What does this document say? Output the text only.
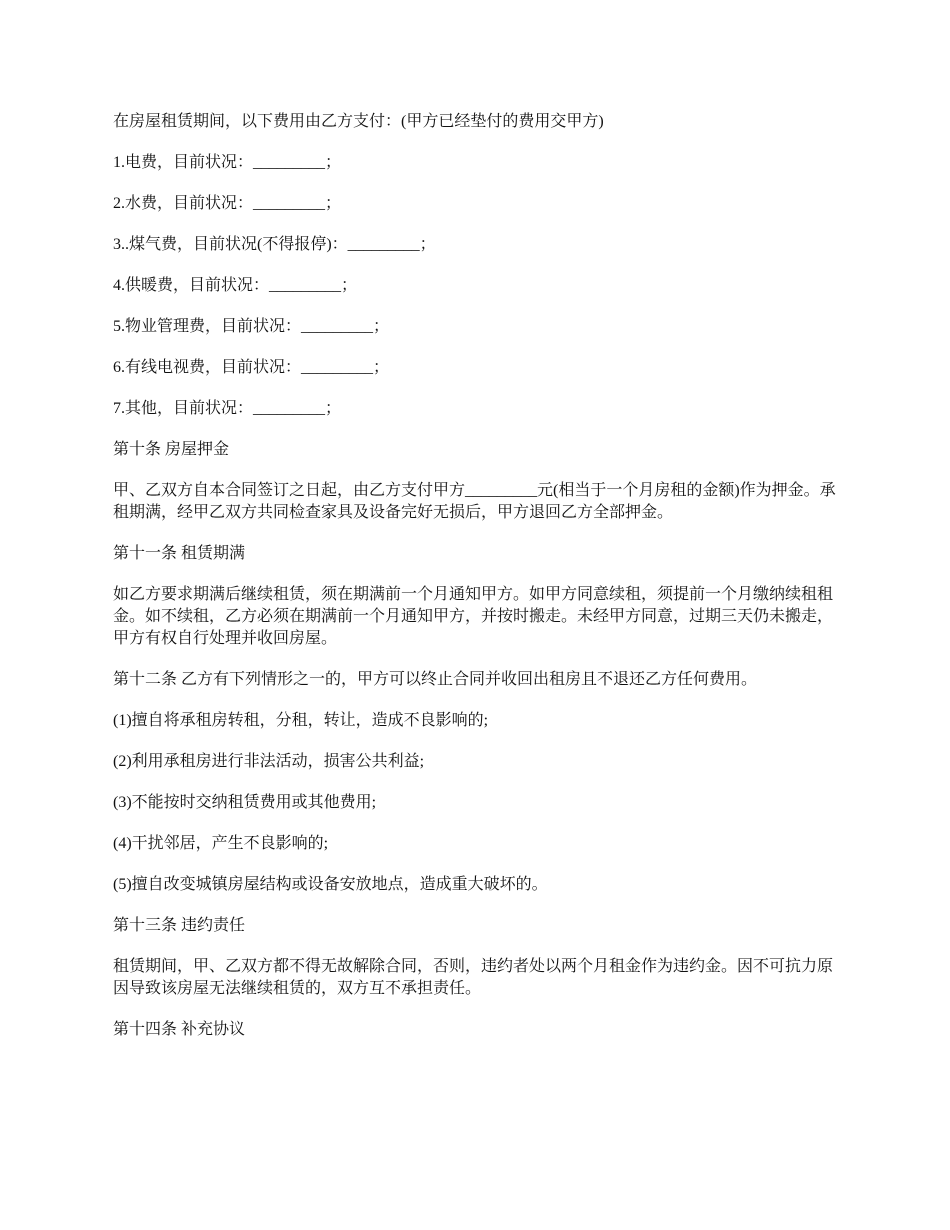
在房屋租赁期间，以下费用由乙方支付：(甲方已经垫付的费用交甲方)

1.电费，目前状况：_________；

2.水费，目前状况：_________；

3..煤气费，目前状况(不得报停)：_________；

4.供暖费，目前状况：_________；

5.物业管理费，目前状况：_________；

6.有线电视费，目前状况：_________；

7.其他，目前状况：_________；

第十条 房屋押金

甲、乙双方自本合同签订之日起，由乙方支付甲方_________元(相当于一个月房租的金额)作为押金。承租期满，经甲乙双方共同检查家具及设备完好无损后，甲方退回乙方全部押金。

第十一条 租赁期满

如乙方要求期满后继续租赁，须在期满前一个月通知甲方。如甲方同意续租，须提前一个月缴纳续租租金。如不续租，乙方必须在期满前一个月通知甲方，并按时搬走。未经甲方同意，过期三天仍未搬走，甲方有权自行处理并收回房屋。

第十二条 乙方有下列情形之一的，甲方可以终止合同并收回出租房且不退还乙方任何费用。

(1)擅自将承租房转租，分租，转让，造成不良影响的;

(2)利用承租房进行非法活动，损害公共利益;

(3)不能按时交纳租赁费用或其他费用;

(4)干扰邻居，产生不良影响的;

(5)擅自改变城镇房屋结构或设备安放地点，造成重大破坏的。

第十三条 违约责任

租赁期间，甲、乙双方都不得无故解除合同，否则，违约者处以两个月租金作为违约金。因不可抗力原因导致该房屋无法继续租赁的，双方互不承担责任。

第十四条 补充协议
